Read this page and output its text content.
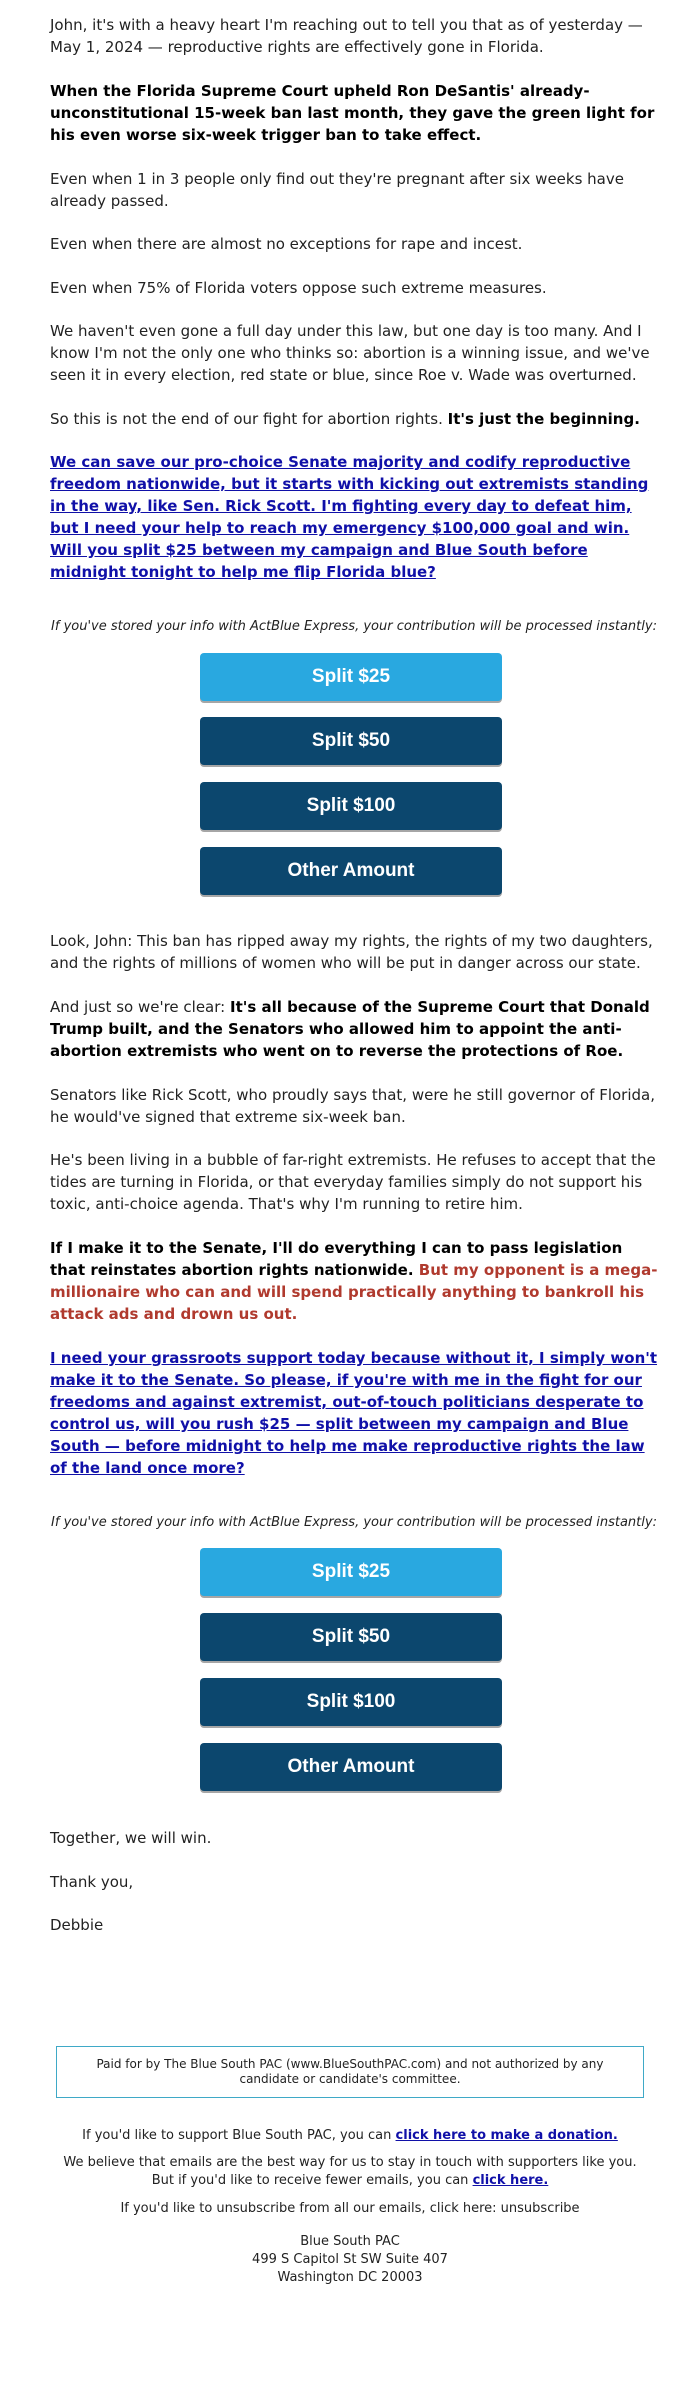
John, it's with a heavy heart I'm reaching out to tell you that as of yesterday — May 1, 2024 — reproductive rights are effectively gone in Florida.

When the Florida Supreme Court upheld Ron DeSantis' already-unconstitutional 15-week ban last month, they gave the green light for his even worse six-week trigger ban to take effect.

Even when 1 in 3 people only find out they're pregnant after six weeks have already passed.

Even when there are almost no exceptions for rape and incest.

Even when 75% of Florida voters oppose such extreme measures.

We haven't even gone a full day under this law, but one day is too many. And I know I'm not the only one who thinks so: abortion is a winning issue, and we've seen it in every election, red state or blue, since Roe v. Wade was overturned.

So this is not the end of our fight for abortion rights. It's just the beginning.

We can save our pro-choice Senate majority and codify reproductive freedom nationwide, but it starts with kicking out extremists standing in the way, like Sen. Rick Scott. I'm fighting every day to defeat him, but I need your help to reach my emergency $100,000 goal and win. Will you split $25 between my campaign and Blue South before midnight tonight to help me flip Florida blue?

If you've stored your info with ActBlue Express, your contribution will be processed instantly:

Split $25
Split $50
Split $100
Other Amount

Look, John: This ban has ripped away my rights, the rights of my two daughters, and the rights of millions of women who will be put in danger across our state.

And just so we're clear: It's all because of the Supreme Court that Donald Trump built, and the Senators who allowed him to appoint the anti-abortion extremists who went on to reverse the protections of Roe.

Senators like Rick Scott, who proudly says that, were he still governor of Florida, he would've signed that extreme six-week ban.

He's been living in a bubble of far-right extremists. He refuses to accept that the tides are turning in Florida, or that everyday families simply do not support his toxic, anti-choice agenda. That's why I'm running to retire him.

If I make it to the Senate, I'll do everything I can to pass legislation that reinstates abortion rights nationwide. But my opponent is a mega-millionaire who can and will spend practically anything to bankroll his attack ads and drown us out.

I need your grassroots support today because without it, I simply won't make it to the Senate. So please, if you're with me in the fight for our freedoms and against extremist, out-of-touch politicians desperate to control us, will you rush $25 — split between my campaign and Blue South — before midnight to help me make reproductive rights the law of the land once more?

If you've stored your info with ActBlue Express, your contribution will be processed instantly:

Split $25
Split $50
Split $100
Other Amount

Together, we will win.

Thank you,

Debbie

Paid for by The Blue South PAC (www.BlueSouthPAC.com) and not authorized by any candidate or candidate's committee.
If you'd like to support Blue South PAC, you can click here to make a donation.
We believe that emails are the best way for us to stay in touch with supporters like you. But if you'd like to receive fewer emails, you can click here.
If you'd like to unsubscribe from all our emails, click here: unsubscribe
Blue South PAC
499 S Capitol St SW Suite 407
Washington DC 20003
